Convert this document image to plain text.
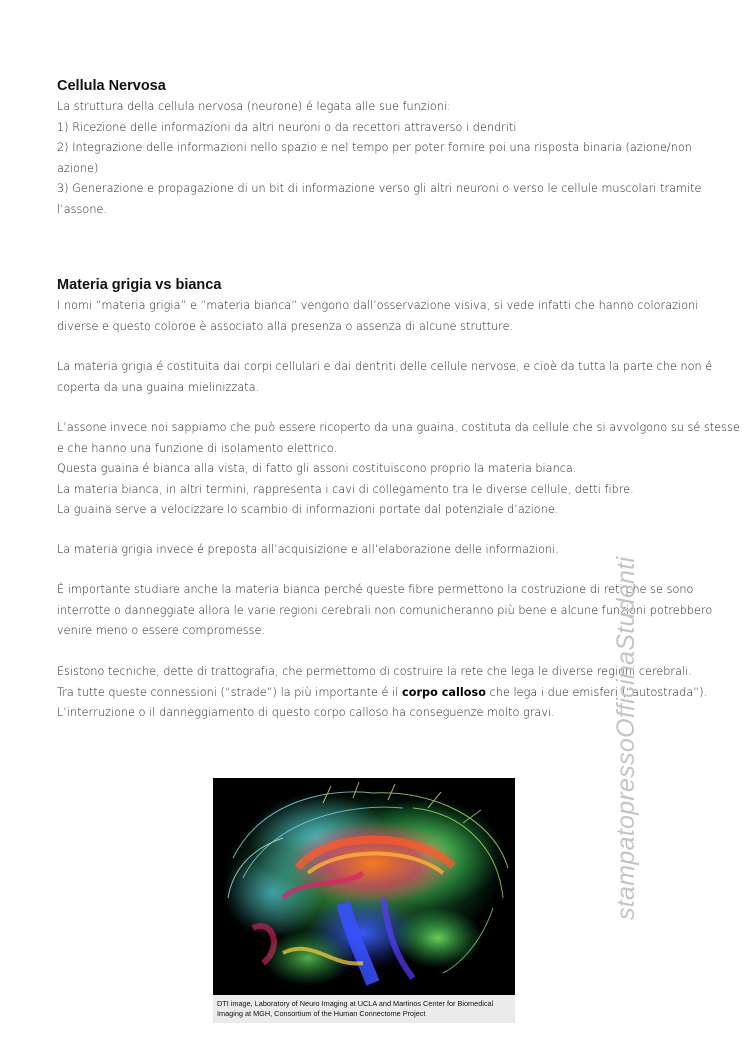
Cellula Nervosa
La struttura della cellula nervosa (neurone) é legata alle sue funzioni:
1) Ricezione delle informazioni da altri neuroni o da recettori attraverso i dendriti
2) Integrazione delle informazioni nello spazio e nel tempo per poter fornire poi una risposta binaria (azione/non
azione)
3) Generazione e propagazione di un bit di informazione verso gli altri neuroni o verso le cellule muscolari tramite
l’assone.
Materia grigia vs bianca
I nomi “materia grigia” e “materia bianca” vengono dall’osservazione visiva, si vede infatti che hanno colorazioni
diverse e questo coloroe è associato alla presenza o assenza di alcune strutture.
La materia grigia é costituita dai corpi cellulari e dai dentriti delle cellule nervose, e cioè da tutta la parte che non é
coperta da una guaina mielinizzata.
L’assone invece noi sappiamo che può essere ricoperto da una guaina, costituta da cellule che si avvolgono su sé stesse
e che hanno una funzione di isolamento elettrico.
Questa guaina é bianca alla vista, di fatto gli assoni costituiscono proprio la materia bianca.
La materia bianca, in altri termini, rappresenta i cavi di collegamento tra le diverse cellule, detti fibre.
La guaina serve a velocizzare lo scambio di informazioni portate dal potenziale d’azione.
La materia grigia invece é preposta all’acquisizione e all’elaborazione delle informazioni.
É importante studiare anche la materia bianca perché queste fibre permettono la costruzione di reti che se sono
interrotte o danneggiate allora le varie regioni cerebrali non comunicheranno più bene e alcune funzioni potrebbero
venire meno o essere compromesse.
Esistono tecniche, dette di trattografia, che permettomo di costruire la rete che lega le diverse regioni cerebrali.
Tra tutte queste connessioni (“strade”) la più importante é il corpo calloso che lega i due emisferi (“autostrada”).
L’interruzione o il danneggiamento di questo corpo calloso ha conseguenze molto gravi.	stampatopressoOfficinaStudenti
DTI image, Laboratory of Neuro Imaging at UCLA and Martinos Center for Biomedical
Imaging at MGH, Consortium of the Human Connectome Project
